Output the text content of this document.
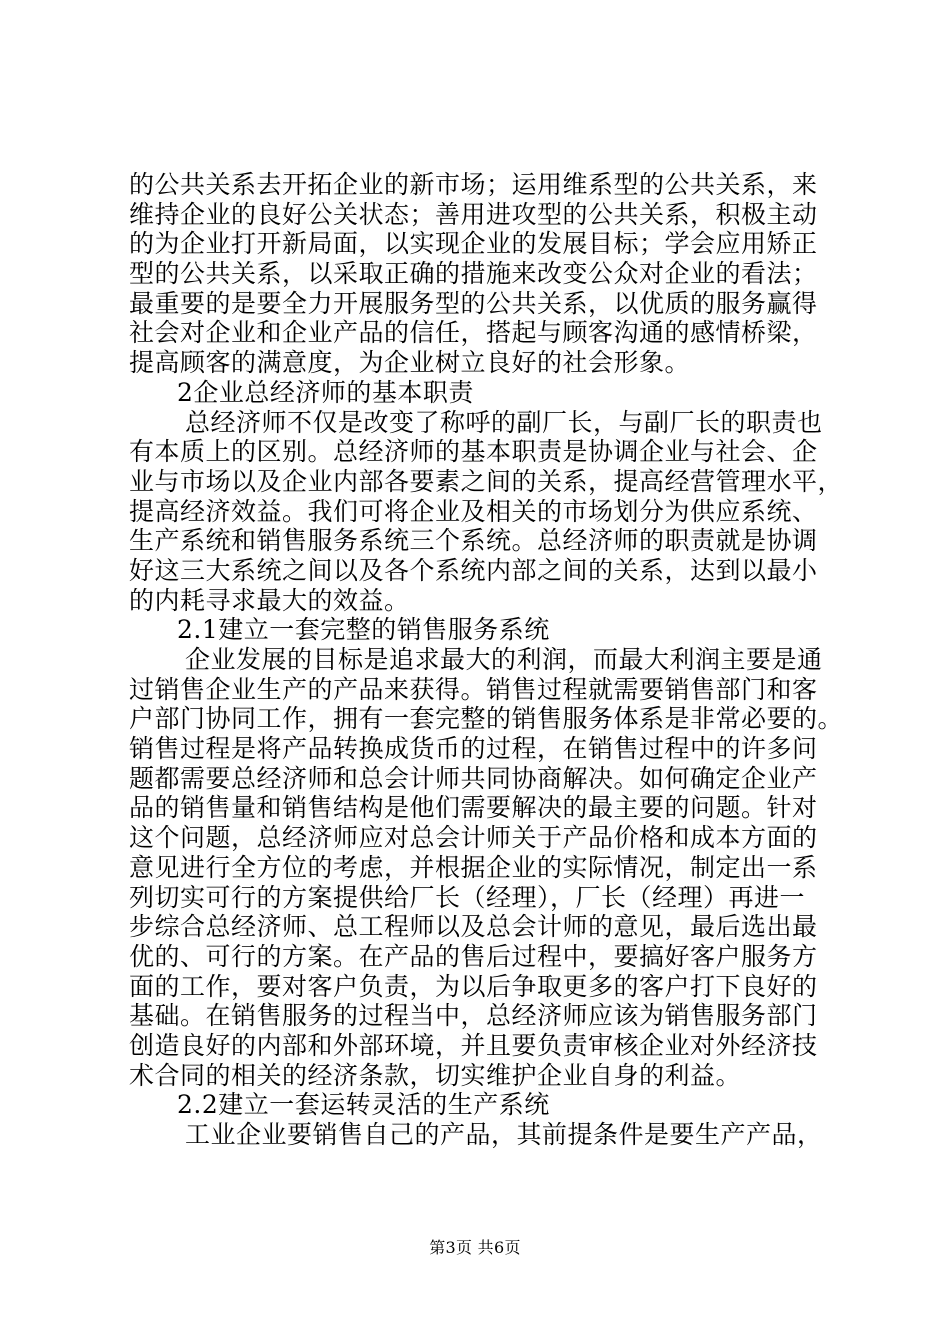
的公共关系去开拓企业的新市场；运用维系型的公共关系，来
维持企业的良好公关状态；善用进攻型的公共关系，积极主动
的为企业打开新局面，以实现企业的发展目标；学会应用矫正
型的公共关系，以采取正确的措施来改变公众对企业的看法；
最重要的是要全力开展服务型的公共关系，以优质的服务赢得
社会对企业和企业产品的信任，搭起与顾客沟通的感情桥梁，
提高顾客的满意度，为企业树立良好的社会形象。
2企业总经济师的基本职责
总经济师不仅是改变了称呼的副厂长，与副厂长的职责也
有本质上的区别。总经济师的基本职责是协调企业与社会、企
业与市场以及企业内部各要素之间的关系，提高经营管理水平，
提高经济效益。我们可将企业及相关的市场划分为供应系统、
生产系统和销售服务系统三个系统。总经济师的职责就是协调
好这三大系统之间以及各个系统内部之间的关系，达到以最小
的内耗寻求最大的效益。
2.1建立一套完整的销售服务系统
企业发展的目标是追求最大的利润，而最大利润主要是通
过销售企业生产的产品来获得。销售过程就需要销售部门和客
户部门协同工作，拥有一套完整的销售服务体系是非常必要的。
销售过程是将产品转换成货币的过程，在销售过程中的许多问
题都需要总经济师和总会计师共同协商解决。如何确定企业产
品的销售量和销售结构是他们需要解决的最主要的问题。针对
这个问题，总经济师应对总会计师关于产品价格和成本方面的
意见进行全方位的考虑，并根据企业的实际情况，制定出一系
列切实可行的方案提供给厂长（经理），厂长（经理）再进一
步综合总经济师、总工程师以及总会计师的意见，最后选出最
优的、可行的方案。在产品的售后过程中，要搞好客户服务方
面的工作，要对客户负责，为以后争取更多的客户打下良好的
基础。在销售服务的过程当中，总经济师应该为销售服务部门
创造良好的内部和外部环境，并且要负责审核企业对外经济技
术合同的相关的经济条款，切实维护企业自身的利益。
2.2建立一套运转灵活的生产系统
工业企业要销售自己的产品，其前提条件是要生产产品，
第3页 共6页
